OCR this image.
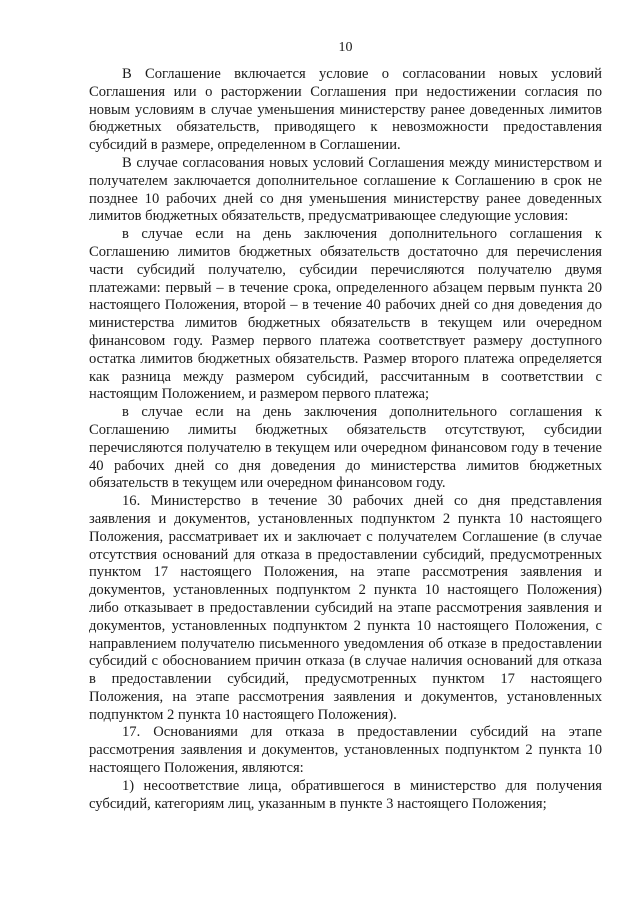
10

В Соглашение включается условие о согласовании новых условий Соглашения или о расторжении Соглашения при недостижении согласия по новым условиям в случае уменьшения министерству ранее доведенных лимитов бюджетных обязательств, приводящего к невозможности предоставления субсидий в размере, определенном в Соглашении.

В случае согласования новых условий Соглашения между министерством и получателем заключается дополнительное соглашение к Соглашению в срок не позднее 10 рабочих дней со дня уменьшения министерству ранее доведенных лимитов бюджетных обязательств, предусматривающее следующие условия:

в случае если на день заключения дополнительного соглашения к Соглашению лимитов бюджетных обязательств достаточно для перечисления части субсидий получателю, субсидии перечисляются получателю двумя платежами: первый – в течение срока, определенного абзацем первым пункта 20 настоящего Положения, второй – в течение 40 рабочих дней со дня доведения до министерства лимитов бюджетных обязательств в текущем или очередном финансовом году. Размер первого платежа соответствует размеру доступного остатка лимитов бюджетных обязательств. Размер второго платежа определяется как разница между размером субсидий, рассчитанным в соответствии с настоящим Положением, и размером первого платежа;

в случае если на день заключения дополнительного соглашения к Соглашению лимиты бюджетных обязательств отсутствуют, субсидии перечисляются получателю в текущем или очередном финансовом году в течение 40 рабочих дней со дня доведения до министерства лимитов бюджетных обязательств в текущем или очередном финансовом году.

16. Министерство в течение 30 рабочих дней со дня представления заявления и документов, установленных подпунктом 2 пункта 10 настоящего Положения, рассматривает их и заключает с получателем Соглашение (в случае отсутствия оснований для отказа в предоставлении субсидий, предусмотренных пунктом 17 настоящего Положения, на этапе рассмотрения заявления и документов, установленных подпунктом 2 пункта 10 настоящего Положения) либо отказывает в предоставлении субсидий на этапе рассмотрения заявления и документов, установленных подпунктом 2 пункта 10 настоящего Положения, с направлением получателю письменного уведомления об отказе в предоставлении субсидий с обоснованием причин отказа (в случае наличия оснований для отказа в предоставлении субсидий, предусмотренных пунктом 17 настоящего Положения, на этапе рассмотрения заявления и документов, установленных подпунктом 2 пункта 10 настоящего Положения).

17. Основаниями для отказа в предоставлении субсидий на этапе рассмотрения заявления и документов, установленных подпунктом 2 пункта 10 настоящего Положения, являются:

1) несоответствие лица, обратившегося в министерство для получения субсидий, категориям лиц, указанным в пункте 3 настоящего Положения;
